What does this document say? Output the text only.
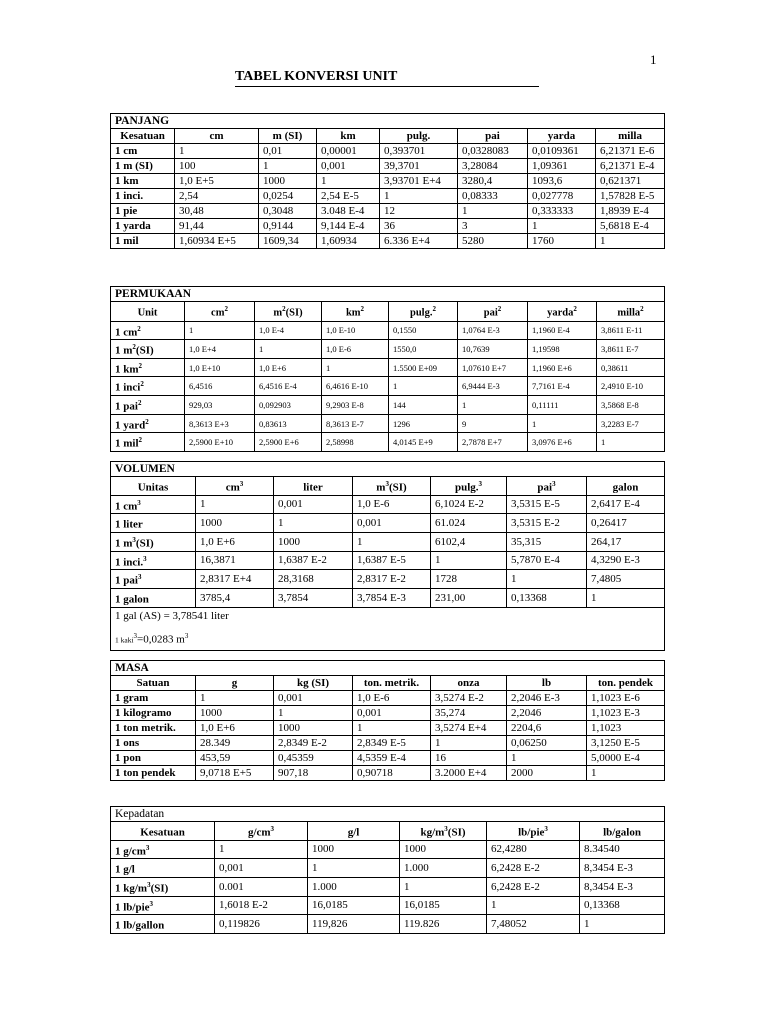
1
TABEL KONVERSI UNIT
PANJANG							
Kesatuan	cm	m (SI)	km	pulg.	pai	yarda	milla
1 cm	1	0,01	0,00001	0,393701	0,0328083	0,0109361	6,21371 E-6
1 m (SI)	100	1	0,001	39,3701	3,28084	1,09361	6,21371 E-4
1 km	1,0 E+5	1000	1	3,93701 E+4	3280,4	1093,6	0,621371
1 inci.	2,54	0,0254	2,54 E-5	1	0,08333	0,027778	1,57828 E-5
1 pie	30,48	0,3048	3.048 E-4	12	1	0,333333	1,8939 E-4
1 yarda	91,44	0,9144	9,144 E-4	36	3	1	5,6818 E-4
1 mil	1,60934 E+5	1609,34	1,60934	6.336 E+4	5280	1760	1
PERMUKAAN							
Unit	$cm^2$	$m^2(SI)$	$km^2$	pulg.$^2$	pai$^2$	yarda$^2$	milla$^2$
1 $cm^2$	1	1,0 E-4	1,0 E-10	0,1550	1,0764 E-3	1,1960 E-4	3,8611 E-11
1 $m^2(SI)$	1,0 E+4	1	1,0 E-6	1550,0	10,7639	1,19598	3,8611 E-7
1 $km^2$	1,0 E+10	1,0 E+6	1	1.5500 E+09	1,07610 E+7	1,1960 E+6	0,38611
1 inci$^2$	6,4516	6,4516 E-4	6,4616 E-10	1	6,9444 E-3	7,7161 E-4	2,4910 E-10
1 pai$^2$	929,03	0,092903	9,2903 E-8	144	1	0,11111	3,5868 E-8
1 yard$^2$	8,3613 E+3	0,83613	8,3613 E-7	1296	9	1	3,2283 E-7
1 mil$^2$	2,5900 E+10	2,5900 E+6	2,58998	4,0145 E+9	2,7878 E+7	3,0976 E+6	1
VOLUMEN						
Unitas	$cm^3$	liter	$m^3(SI)$	pulg.$^3$	pai$^3$	galon
1 $cm^3$	1	0,001	1,0 E-6	6,1024 E-2	3,5315 E-5	2,6417 E-4
1 liter	1000	1	0,001	61.024	3,5315 E-2	0,26417
1 $m^3(SI)$	1,0 E+6	1000	1	6102,4	35,315	264,17
1 inci.$^3$	16,3871	1,6387 E-2	1,6387 E-5	1	5,7870 E-4	4,3290 E-3
1 pai$^3$	2,8317 E+4	28,3168	2,8317 E-2	1728	1	7,4805
1 galon	3785,4	3,7854	3,7854 E-3	231,00	0,13368	1

1 gal (AS) = 3,78541 liter
1 kaki$^3$=0,0283 $m^3$
MASA						
Satuan	g	kg (SI)	ton. metrik.	onza	lb	ton. pendek
1 gram	1	0,001	1,0 E-6	3,5274 E-2	2,2046 E-3	1,1023 E-6
1 kilogramo	1000	1	0,001	35,274	2,2046	1,1023 E-3
1 ton metrik.	1,0 E+6	1000	1	3,5274 E+4	2204,6	1,1023
1 ons	28.349	2,8349 E-2	2,8349 E-5	1	0,06250	3,1250 E-5
1 pon	453,59	0,45359	4,5359 E-4	16	1	5,0000 E-4
1 ton pendek	9,0718 E+5	907,18	0,90718	3.2000 E+4	2000	1
Kepadatan					
Kesatuan	$g/cm^3$	g/l	$kg/m^3(SI)$	lb/pie$^3$	lb/galon
1 $g/cm^3$	1	1000	1000	62,4280	8.34540
1 g/l	0,001	1	1.000	6,2428 E-2	8,3454 E-3
1 $kg/m^3(SI)$	0.001	1.000	1	6,2428 E-2	8,3454 E-3
1 lb/pie$^3$	1,6018 E-2	16,0185	16,0185	1	0,13368
1 lb/gallon	0,119826	119,826	119.826	7,48052	1
